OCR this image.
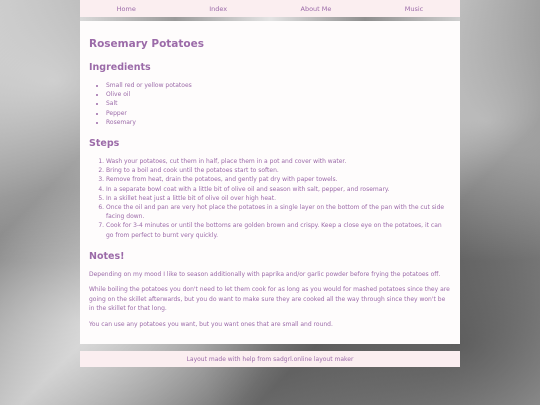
Home	Index	About Me	Music
Rosemary Potatoes
Ingredients
• Small red or yellow potatoes
• Olive oil
• Salt
• Pepper
• Rosemary
Steps
1. Wash your potatoes, cut them in half, place them in a pot and cover with water.
2. Bring to a boil and cook until the potatoes start to soften.
3. Remove from heat, drain the potatoes, and gently pat dry with paper towels.
4. In a separate bowl coat with a little bit of olive oil and season with salt, pepper, and rosemary.
5. In a skillet heat just a little bit of olive oil over high heat.
6. Once the oil and pan are very hot place the potatoes in a single layer on the bottom of the pan with the cut side facing down.
7. Cook for 3-4 minutes or until the bottoms are golden brown and crispy. Keep a close eye on the potatoes, it can go from perfect to burnt very quickly.
Notes!

Depending on my mood I like to season additionally with paprika and/or garlic powder before frying the potatoes off.

While boiling the potatoes you don't need to let them cook for as long as you would for mashed potatoes since they are going on the skillet afterwards, but you do want to make sure they are cooked all the way through since they won't be in the skillet for that long.

You can use any potatoes you want, but you want ones that are small and round.

Layout made with help from sadgrl.online layout maker
